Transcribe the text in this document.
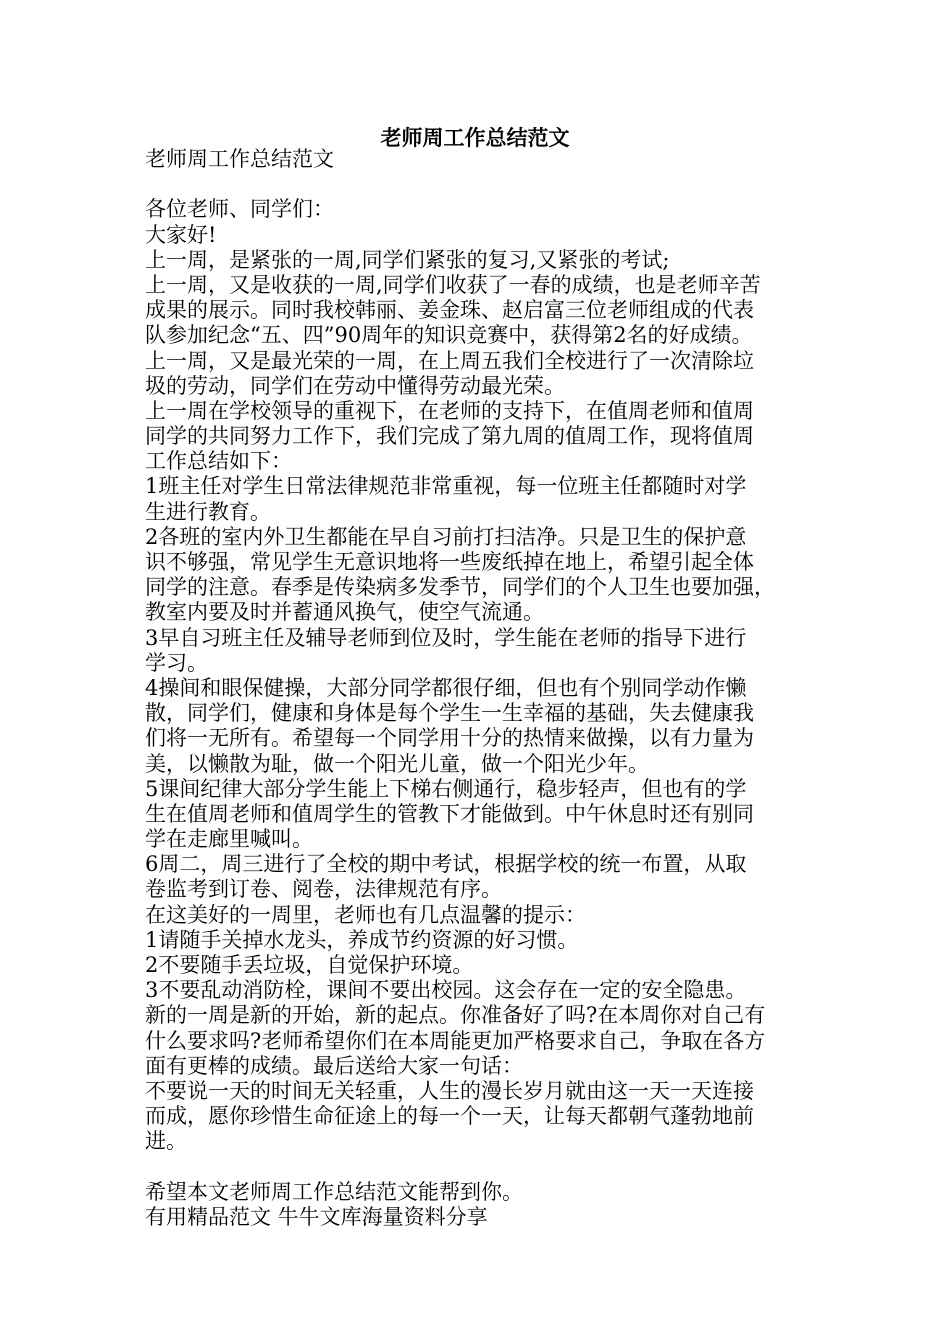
老师周工作总结范文
老师周工作总结范文
各位老师、同学们：
大家好!
上一周，是紧张的一周,同学们紧张的复习,又紧张的考试;
上一周，又是收获的一周,同学们收获了一春的成绩，也是老师辛苦
成果的展示。同时我校韩丽、姜金珠、赵启富三位老师组成的代表
队参加纪念“五、四”90周年的知识竞赛中，获得第2名的好成绩。
上一周，又是最光荣的一周，在上周五我们全校进行了一次清除垃
圾的劳动，同学们在劳动中懂得劳动最光荣。
上一周在学校领导的重视下，在老师的支持下，在值周老师和值周
同学的共同努力工作下，我们完成了第九周的值周工作，现将值周
工作总结如下：
1班主任对学生日常法律规范非常重视，每一位班主任都随时对学
生进行教育。
2各班的室内外卫生都能在早自习前打扫洁净。只是卫生的保护意
识不够强，常见学生无意识地将一些废纸掉在地上，希望引起全体
同学的注意。春季是传染病多发季节，同学们的个人卫生也要加强，
教室内要及时并蓄通风换气，使空气流通。
3早自习班主任及辅导老师到位及时，学生能在老师的指导下进行
学习。
4操间和眼保健操，大部分同学都很仔细，但也有个别同学动作懒
散，同学们，健康和身体是每个学生一生幸福的基础，失去健康我
们将一无所有。希望每一个同学用十分的热情来做操，以有力量为
美，以懒散为耻，做一个阳光儿童，做一个阳光少年。
5课间纪律大部分学生能上下梯右侧通行，稳步轻声，但也有的学
生在值周老师和值周学生的管教下才能做到。中午休息时还有别同
学在走廊里喊叫。
6周二，周三进行了全校的期中考试，根据学校的统一布置，从取
卷监考到订卷、阅卷，法律规范有序。
在这美好的一周里，老师也有几点温馨的提示：
1请随手关掉水龙头，养成节约资源的好习惯。
2不要随手丢垃圾，自觉保护环境。
3不要乱动消防栓，课间不要出校园。这会存在一定的安全隐患。
新的一周是新的开始，新的起点。你准备好了吗?在本周你对自己有
什么要求吗?老师希望你们在本周能更加严格要求自己，争取在各方
面有更棒的成绩。最后送给大家一句话：
不要说一天的时间无关轻重，人生的漫长岁月就由这一天一天连接
而成，愿你珍惜生命征途上的每一个一天，让每天都朝气蓬勃地前
进。
希望本文老师周工作总结范文能帮到你。
有用精品范文 牛牛文库海量资料分享
